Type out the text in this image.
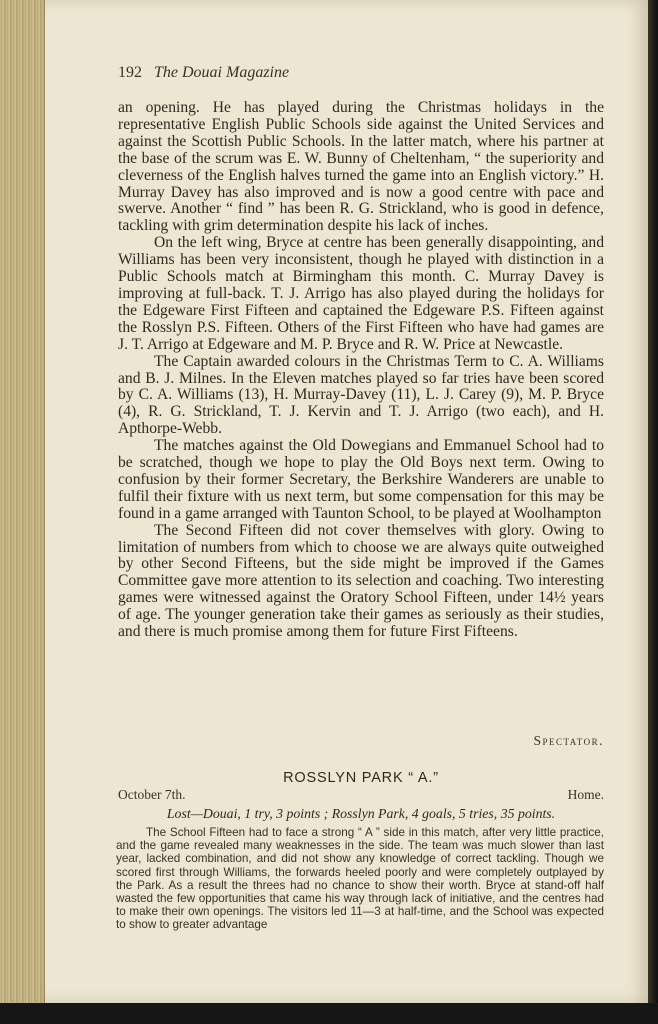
192 The Douai Magazine

an opening. He has played during the Christmas holidays in the representative English Public Schools side against the United Services and against the Scottish Public Schools. In the latter match, where his partner at the base of the scrum was E. W. Bunny of Cheltenham, “ the superiority and cleverness of the English halves turned the game into an English victory.” H. Murray Davey has also improved and is now a good centre with pace and swerve. Another “ find ” has been R. G. Strickland, who is good in defence, tackling with grim determination despite his lack of inches.

On the left wing, Bryce at centre has been generally disappointing, and Williams has been very inconsistent, though he played with distinction in a Public Schools match at Birmingham this month. C. Murray Davey is improving at full-back. T. J. Arrigo has also played during the holidays for the Edgeware First Fifteen and captained the Edgeware P.S. Fifteen against the Rosslyn P.S. Fifteen. Others of the First Fifteen who have had games are J. T. Arrigo at Edgeware and M. P. Bryce and R. W. Price at Newcastle.

The Captain awarded colours in the Christmas Term to C. A. Williams and B. J. Milnes. In the Eleven matches played so far tries have been scored by C. A. Williams (13), H. Murray-Davey (11), L. J. Carey (9), M. P. Bryce (4), R. G. Strickland, T. J. Kervin and T. J. Arrigo (two each), and H. Apthorpe-Webb.

The matches against the Old Dowegians and Emmanuel School had to be scratched, though we hope to play the Old Boys next term. Owing to confusion by their former Secretary, the Berkshire Wanderers are unable to fulfil their fixture with us next term, but some compensation for this may be found in a game arranged with Taunton School, to be played at Woolhampton

The Second Fifteen did not cover themselves with glory. Owing to limitation of numbers from which to choose we are always quite outweighed by other Second Fifteens, but the side might be improved if the Games Committee gave more attention to its selection and coaching. Two interesting games were witnessed against the Oratory School Fifteen, under 14½ years of age. The younger generation take their games as seriously as their studies, and there is much promise among them for future First Fifteens.

Spectator.
ROSSLYN PARK “ A.”
October 7th.	Home.
Lost—Douai, 1 try, 3 points ; Rosslyn Park, 4 goals, 5 tries, 35 points.

The School Fifteen had to face a strong “ A ” side in this match, after very little practice, and the game revealed many weaknesses in the side. The team was much slower than last year, lacked combination, and did not show any knowledge of correct tackling. Though we scored first through Williams, the forwards heeled poorly and were completely outplayed by the Park. As a result the threes had no chance to show their worth. Bryce at stand-off half wasted the few opportunities that came his way through lack of initiative, and the centres had to make their own openings. The visitors led 11—3 at half-time, and the School was expected to show to greater advantage
